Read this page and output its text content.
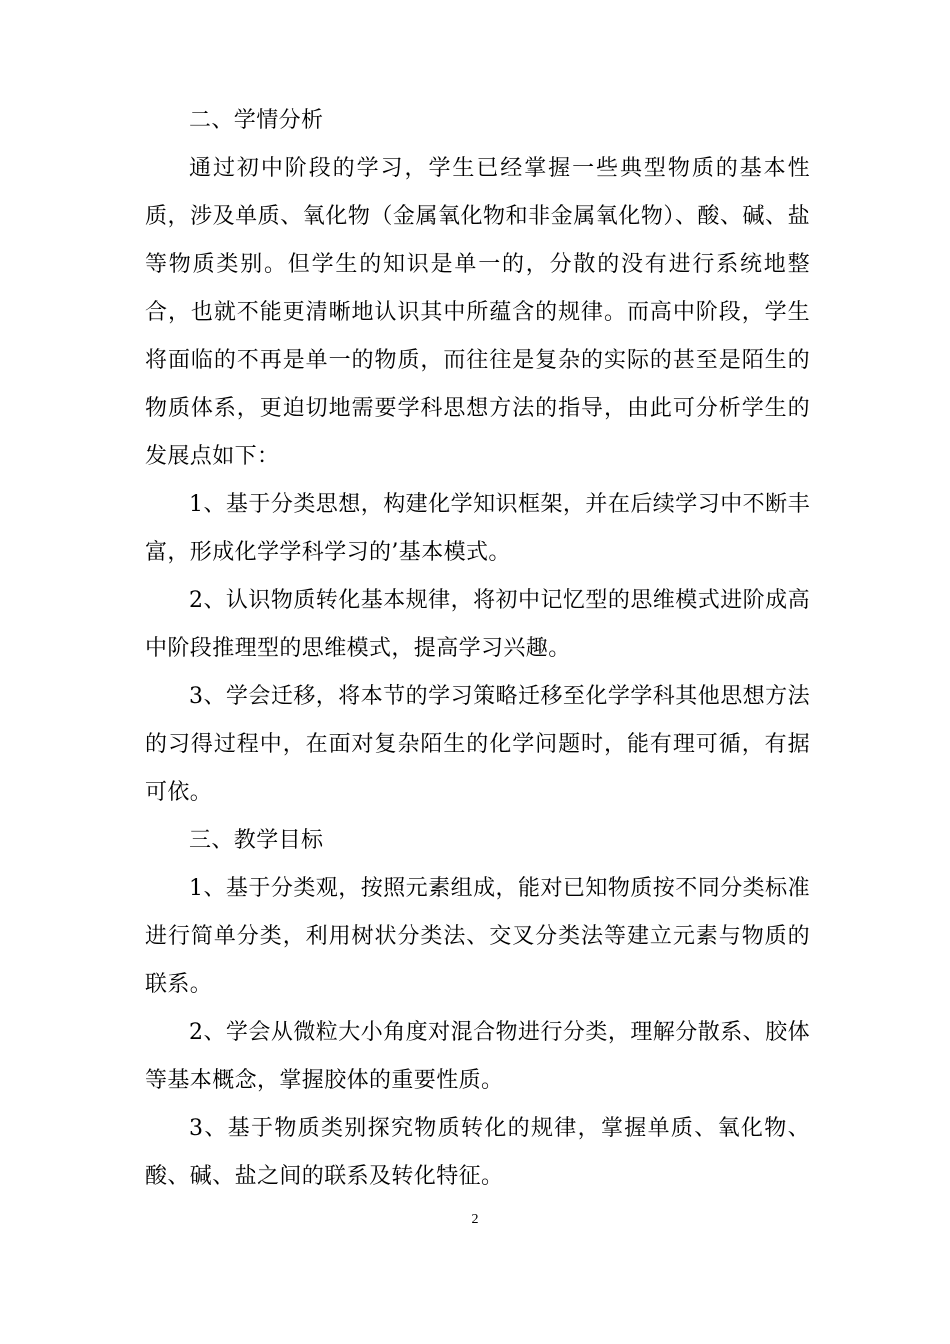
二、学情分析

通过初中阶段的学习，学生已经掌握一些典型物质的基本性质，涉及单质、氧化物（金属氧化物和非金属氧化物）、酸、碱、盐等物质类别。但学生的知识是单一的，分散的没有进行系统地整合，也就不能更清晰地认识其中所蕴含的规律。而高中阶段，学生将面临的不再是单一的物质，而往往是复杂的实际的甚至是陌生的物质体系，更迫切地需要学科思想方法的指导，由此可分析学生的发展点如下：

1、基于分类思想，构建化学知识框架，并在后续学习中不断丰富，形成化学学科学习的’基本模式。

2、认识物质转化基本规律，将初中记忆型的思维模式进阶成高中阶段推理型的思维模式，提高学习兴趣。

3、学会迁移，将本节的学习策略迁移至化学学科其他思想方法的习得过程中，在面对复杂陌生的化学问题时，能有理可循，有据可依。

三、教学目标

1、基于分类观，按照元素组成，能对已知物质按不同分类标准进行简单分类，利用树状分类法、交叉分类法等建立元素与物质的联系。

2、学会从微粒大小角度对混合物进行分类，理解分散系、胶体等基本概念，掌握胶体的重要性质。

3、基于物质类别探究物质转化的规律，掌握单质、氧化物、酸、碱、盐之间的联系及转化特征。

2
